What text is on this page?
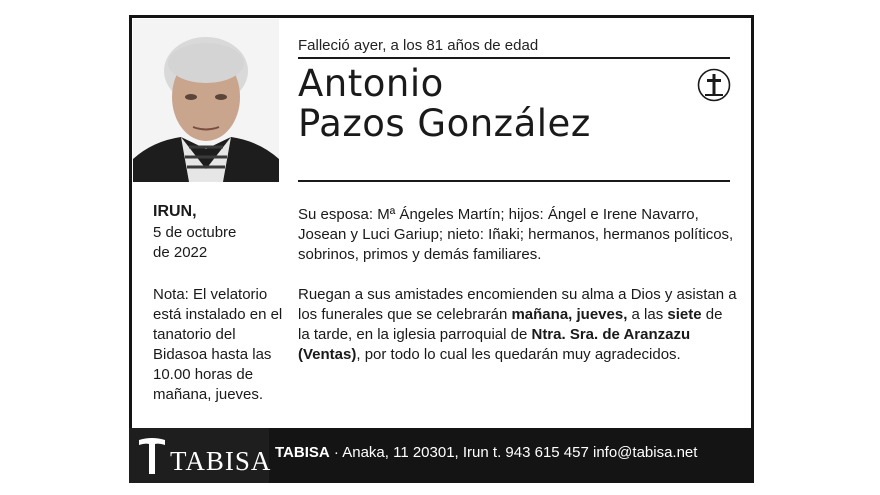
Falleció ayer, a los 81 años de edad
Antonio
Pazos González
IRUN,
5 de octubre
de 2022
Nota: El velatorio está instalado en el tanatorio del Bidasoa hasta las 10.00 horas de mañana, jueves.
Su esposa: Mª Ángeles Martín; hijos: Ángel e Irene Navarro, Josean y Luci Gariup; nieto: Iñaki; hermanos, hermanos políticos, sobrinos, primos y demás familiares.
Ruegan a sus amistades encomienden su alma a Dios y asistan a los funerales que se celebrarán mañana, jueves, a las siete de la tarde, en la iglesia parroquial de Ntra. Sra. de Aranzazu (Ventas), por todo lo cual les quedarán muy agradecidos.
TABISA TABISA · Anaka, 11 20301, Irun t. 943 615 457 info@tabisa.net
